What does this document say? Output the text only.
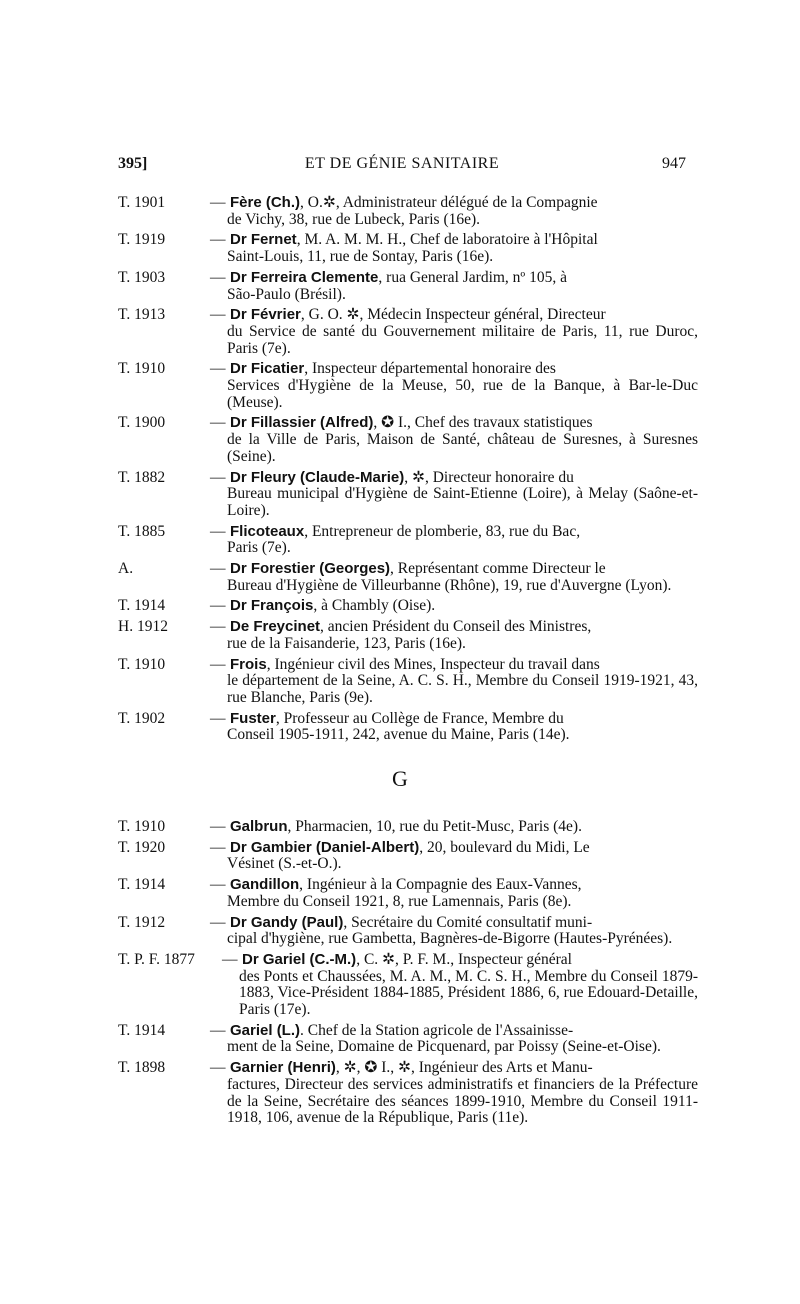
395]	ET DE GÉNIE SANITAIRE	947
T. 1901	— Fère (Ch.), O.✲, Administrateur délégué de la Compagnie
de Vichy, 38, rue de Lubeck, Paris (16e).
T. 1919	— Dr Fernet, M. A. M. M. H., Chef de laboratoire à l'Hôpital
Saint-Louis, 11, rue de Sontay, Paris (16e).
T. 1903	— Dr Ferreira Clemente, rua General Jardim, nº 105, à
São-Paulo (Brésil).
T. 1913	— Dr Février, G. O. ✲, Médecin Inspecteur général, Directeur
du Service de santé du Gouvernement militaire de Paris, 11, rue Duroc, Paris (7e).
T. 1910	— Dr Ficatier, Inspecteur départemental honoraire des
Services d'Hygiène de la Meuse, 50, rue de la Banque, à Bar-le-Duc (Meuse).
T. 1900	— Dr Fillassier (Alfred), ✪ I., Chef des travaux statistiques
de la Ville de Paris, Maison de Santé, château de Suresnes, à Suresnes (Seine).
T. 1882	— Dr Fleury (Claude-Marie), ✲, Directeur honoraire du
Bureau municipal d'Hygiène de Saint-Etienne (Loire), à Melay (Saône-et-Loire).
T. 1885	— Flicoteaux, Entrepreneur de plomberie, 83, rue du Bac,
Paris (7e).
A.	— Dr Forestier (Georges), Représentant comme Directeur le
Bureau d'Hygiène de Villeurbanne (Rhône), 19, rue d'Auvergne (Lyon).
T. 1914	— Dr François, à Chambly (Oise).
H. 1912	— De Freycinet, ancien Président du Conseil des Ministres,
rue de la Faisanderie, 123, Paris (16e).
T. 1910	— Frois, Ingénieur civil des Mines, Inspecteur du travail dans
le département de la Seine, A. C. S. H., Membre du Conseil 1919-1921, 43, rue Blanche, Paris (9e).
T. 1902	— Fuster, Professeur au Collège de France, Membre du
Conseil 1905-1911, 242, avenue du Maine, Paris (14e).
G
T. 1910	— Galbrun, Pharmacien, 10, rue du Petit-Musc, Paris (4e).
T. 1920	— Dr Gambier (Daniel-Albert), 20, boulevard du Midi, Le
Vésinet (S.-et-O.).
T. 1914	— Gandillon, Ingénieur à la Compagnie des Eaux-Vannes,
Membre du Conseil 1921, 8, rue Lamennais, Paris (8e).
T. 1912	— Dr Gandy (Paul), Secrétaire du Comité consultatif muni-
cipal d'hygiène, rue Gambetta, Bagnères-de-Bigorre (Hautes-Pyrénées).
T. P. F. 1877	— Dr Gariel (C.-M.), C. ✲, P. F. M., Inspecteur général
des Ponts et Chaussées, M. A. M., M. C. S. H., Membre du Conseil 1879-1883, Vice-Président 1884-1885, Président 1886, 6, rue Edouard-Detaille, Paris (17e).
T. 1914	— Gariel (L.). Chef de la Station agricole de l'Assainisse-
ment de la Seine, Domaine de Picquenard, par Poissy (Seine-et-Oise).
T. 1898	— Garnier (Henri), ✲, ✪ I., ✲, Ingénieur des Arts et Manu-
factures, Directeur des services administratifs et financiers de la Préfecture de la Seine, Secrétaire des séances 1899-1910, Membre du Conseil 1911-1918, 106, avenue de la République, Paris (11e).
